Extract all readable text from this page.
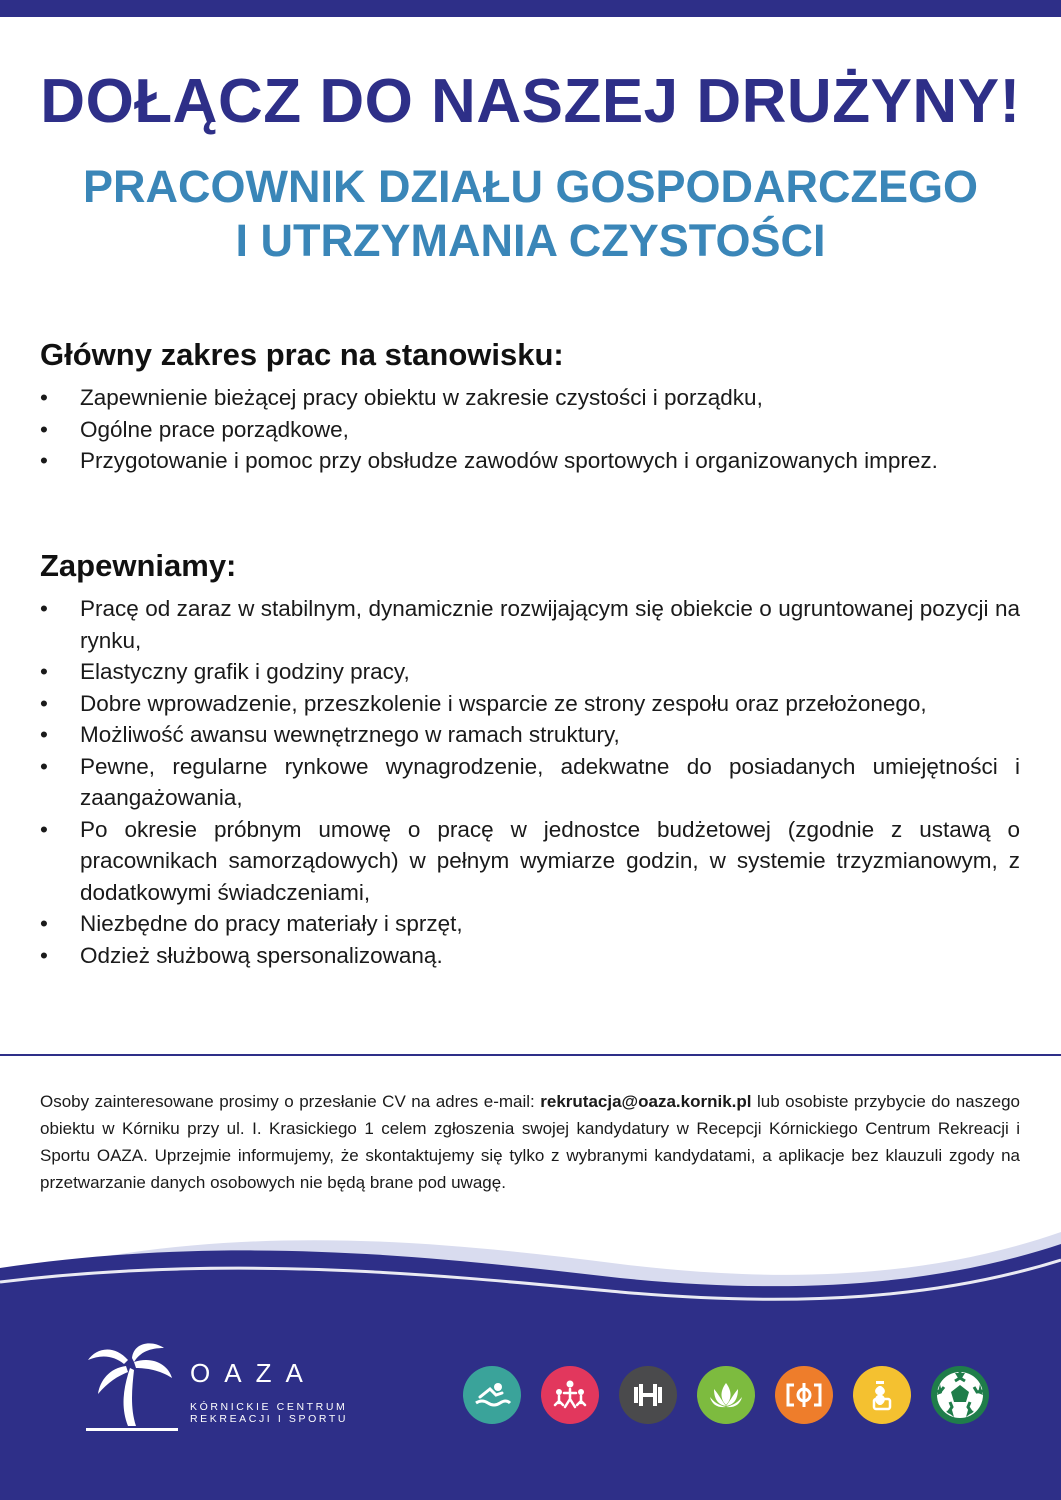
DOŁĄCZ DO NASZEJ DRUŻYNY!
PRACOWNIK DZIAŁU GOSPODARCZEGO
I UTRZYMANIA CZYSTOŚCI
Główny zakres prac na stanowisku:
• Zapewnienie bieżącej pracy obiektu w zakresie czystości i porządku,
• Ogólne prace porządkowe,
• Przygotowanie i pomoc przy obsłudze zawodów sportowych i organizowanych imprez.
Zapewniamy:
• Pracę od zaraz w stabilnym, dynamicznie rozwijającym się obiekcie o ugruntowanej pozycji na rynku,
• Elastyczny grafik i godziny pracy,
• Dobre wprowadzenie, przeszkolenie i wsparcie ze strony zespołu oraz przełożonego,
• Możliwość awansu wewnętrznego w ramach struktury,
• Pewne, regularne rynkowe wynagrodzenie, adekwatne do posiadanych umiejętności i zaangażowania,
• Po okresie próbnym umowę o pracę w jednostce budżetowej (zgodnie z ustawą o pracownikach samorządowych) w pełnym wymiarze godzin, w systemie trzyzmianowym, z dodatkowymi świadczeniami,
• Niezbędne do pracy materiały i sprzęt,
• Odzież służbową spersonalizowaną.

Osoby zainteresowane prosimy o przesłanie CV na adres e-mail: rekrutacja@oaza.kornik.pl lub osobiste przybycie do naszego obiektu w Kórniku przy ul. I. Krasickiego 1 celem zgłoszenia swojej kandydatury w Recepcji Kórnickiego Centrum Rekreacji i Sportu OAZA. Uprzejmie informujemy, że skontaktujemy się tylko z wybranymi kandydatami, a aplikacje bez klauzuli zgody na przetwarzanie danych osobowych nie będą brane pod uwagę.

OAZA
KÓRNICKIE CENTRUM
REKREACJI I SPORTU
